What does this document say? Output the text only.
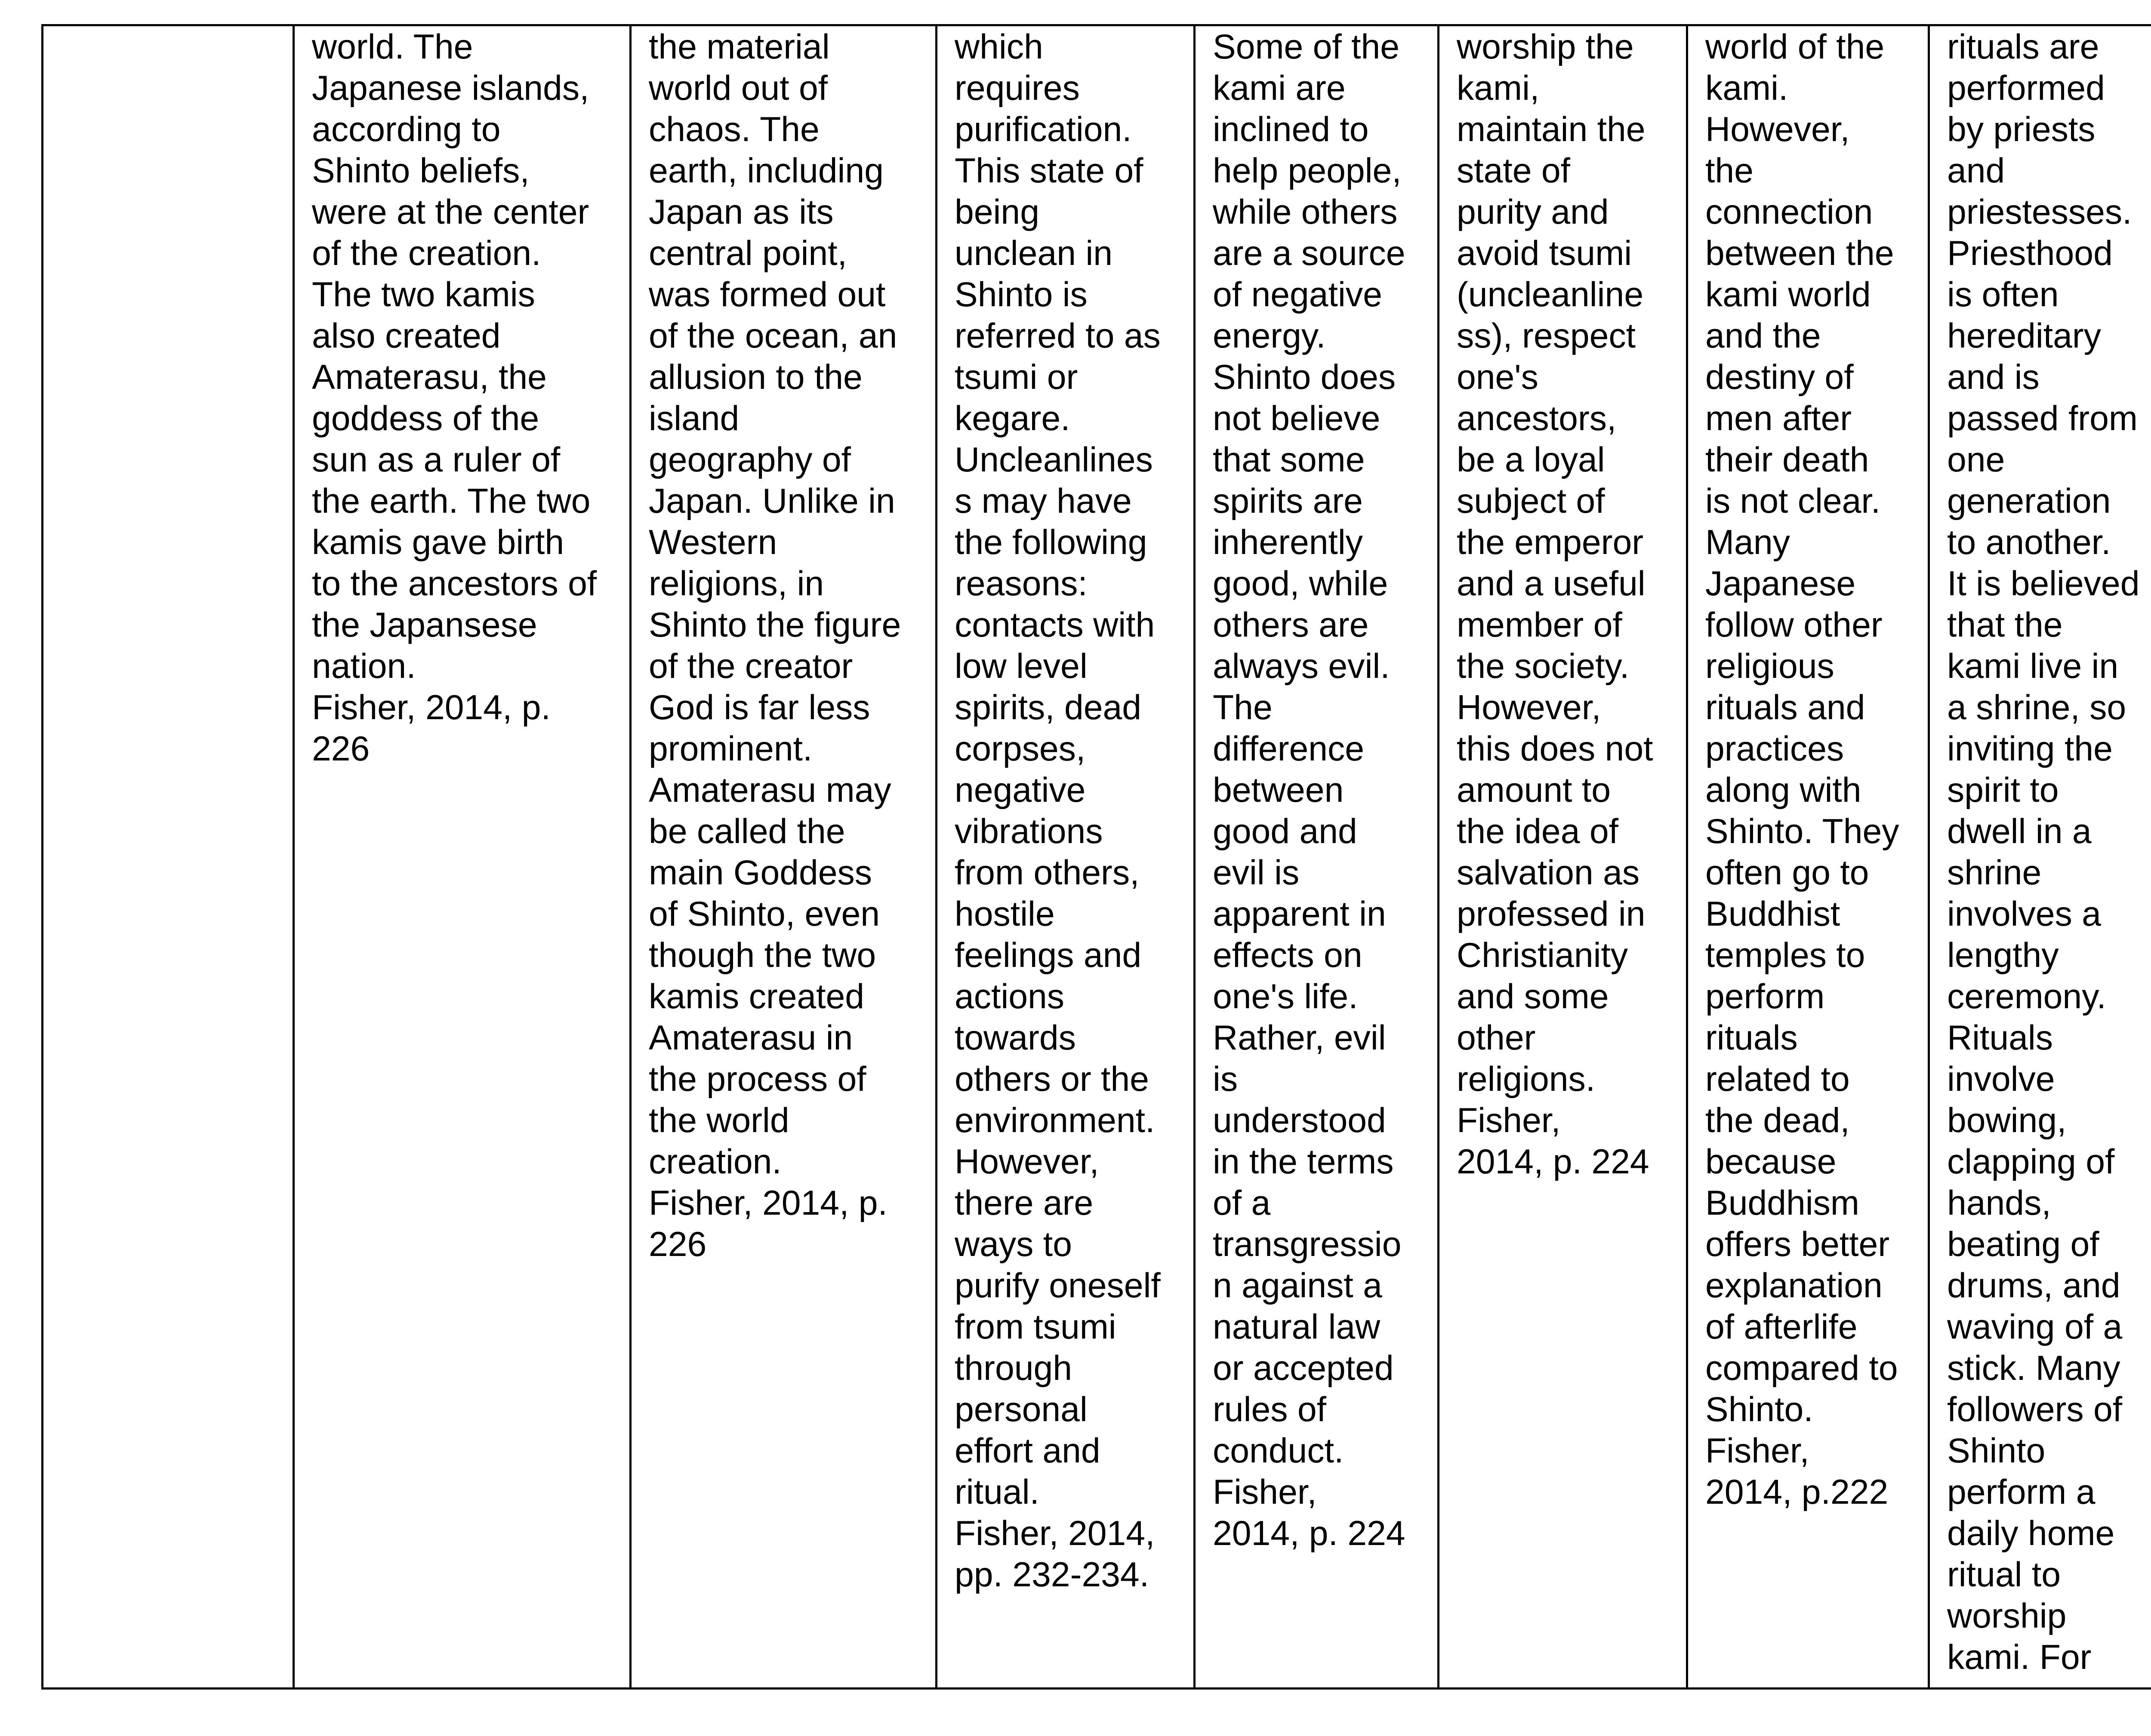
	world. The
Japanese islands,
according to
Shinto beliefs,
were at the center
of the creation.
The two kamis
also created
Amaterasu, the
goddess of the
sun as a ruler of
the earth. The two
kamis gave birth
to the ancestors of
the Japansese
nation.
Fisher, 2014, p.
226	the material
world out of
chaos. The
earth, including
Japan as its
central point,
was formed out
of the ocean, an
allusion to the
island
geography of
Japan. Unlike in
Western
religions, in
Shinto the figure
of the creator
God is far less
prominent.
Amaterasu may
be called the
main Goddess
of Shinto, even
though the two
kamis created
Amaterasu in
the process of
the world
creation.
Fisher, 2014, p.
226	which
requires
purification.
This state of
being
unclean in
Shinto is
referred to as
tsumi or
kegare.
Uncleanlines
s may have
the following
reasons:
contacts with
low level
spirits, dead
corpses,
negative
vibrations
from others,
hostile
feelings and
actions
towards
others or the
environment.
However,
there are
ways to
purify oneself
from tsumi
through
personal
effort and
ritual.
Fisher, 2014,
pp. 232-234.	Some of the
kami are
inclined to
help people,
while others
are a source
of negative
energy.
Shinto does
not believe
that some
spirits are
inherently
good, while
others are
always evil.
The
difference
between
good and
evil is
apparent in
effects on
one's life.
Rather, evil
is
understood
in the terms
of a
transgressio
n against a
natural law
or accepted
rules of
conduct.
Fisher,
2014, p. 224	worship the
kami,
maintain the
state of
purity and
avoid tsumi
(uncleanline
ss), respect
one's
ancestors,
be a loyal
subject of
the emperor
and a useful
member of
the society.
However,
this does not
amount to
the idea of
salvation as
professed in
Christianity
and some
other
religions.
Fisher,
2014, p. 224	world of the
kami.
However,
the
connection
between the
kami world
and the
destiny of
men after
their death
is not clear.
Many
Japanese
follow other
religious
rituals and
practices
along with
Shinto. They
often go to
Buddhist
temples to
perform
rituals
related to
the dead,
because
Buddhism
offers better
explanation
of afterlife
compared to
Shinto.
Fisher,
2014, p.222	rituals are
performed
by priests
and
priestesses.
Priesthood
is often
hereditary
and is
passed from
one
generation
to another.
It is believed
that the
kami live in
a shrine, so
inviting the
spirit to
dwell in a
shrine
involves a
lengthy
ceremony.
Rituals
involve
bowing,
clapping of
hands,
beating of
drums, and
waving of a
stick. Many
followers of
Shinto
perform a
daily home
ritual to
worship
kami. For	
